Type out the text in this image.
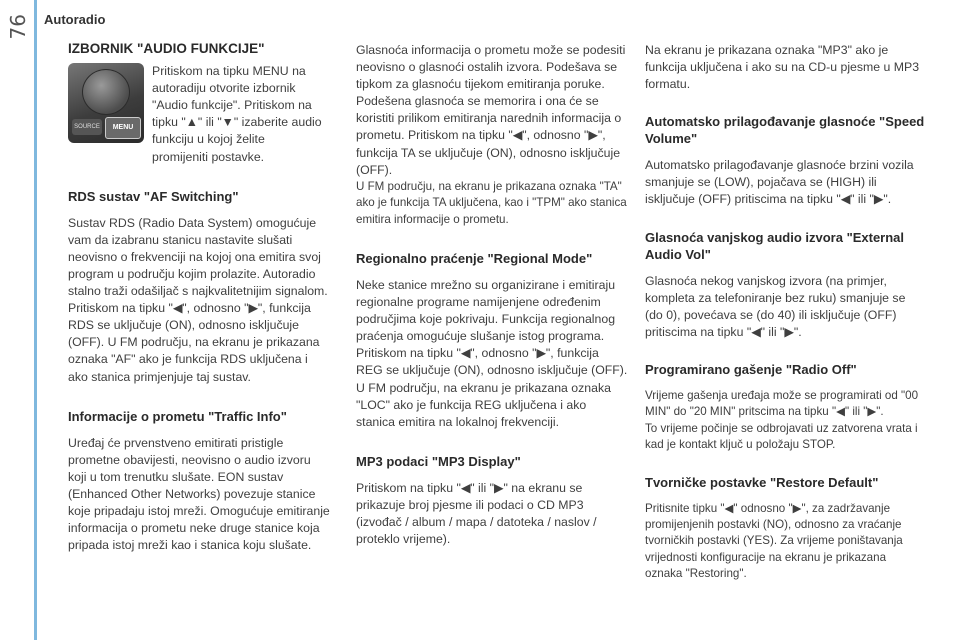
76 Autoradio
IZBORNIK "AUDIO FUNKCIJE"
SOURCE	MENU

Pritiskom na tipku MENU na autoradiju otvorite izbornik "Audio funkcije". Pritiskom na tipku "▲" ili "▼" izaberite audio funkciju u kojoj želite promijeniti postavke.

RDS sustav "AF Switching"

Sustav RDS (Radio Data System) omogućuje vam da izabranu stanicu nastavite slušati neovisno o frekvenciji na kojoj ona emitira svoj program u području kojim prolazite. Autoradio stalno traži odašiljač s najkvalitetnijim signalom. Pritiskom na tipku "◀", odnosno "▶", funkcija RDS se uključuje (ON), odnosno isključuje (OFF). U FM području, na ekranu je prikazana oznaka "AF" ako je funkcija RDS uključena i ako stanica primjenjuje taj sustav.

Informacije o prometu "Traffic Info"

Uređaj će prvenstveno emitirati pristigle prometne obavijesti, neovisno o audio izvoru koji u tom trenutku slušate. EON sustav (Enhanced Other Networks) povezuje stanice koje pripadaju istoj mreži. Omogućuje emitiranje informacija o prometu neke druge stanice koja pripada istoj mreži kao i stanica koju slušate.

Glasnoća informacija o prometu može se podesiti neovisno o glasnoći ostalih izvora. Podešava se tipkom za glasnoću tijekom emitiranja poruke. Podešena glasnoća se memorira i ona će se koristiti prilikom emitiranja narednih informacija o prometu. Pritiskom na tipku "◀", odnosno "▶", funkcija TA se uključuje (ON), odnosno isključuje (OFF).

U FM području, na ekranu je prikazana oznaka "TA" ako je funkcija TA uključena, kao i "TPM" ako stanica emitira informacije o prometu.

Regionalno praćenje "Regional Mode"

Neke stanice mrežno su organizirane i emitiraju regionalne programe namijenjene određenim područjima koje pokrivaju. Funkcija regionalnog praćenja omogućuje slušanje istog programa. Pritiskom na tipku "◀", odnosno "▶", funkcija REG se uključuje (ON), odnosno isključuje (OFF). U FM području, na ekranu je prikazana oznaka "LOC" ako je funkcija REG uključena i ako stanica emitira na lokalnoj frekvenciji.

MP3 podaci "MP3 Display"

Pritiskom na tipku "◀" ili "▶" na ekranu se prikazuje broj pjesme ili podaci o CD MP3 (izvođač / album / mapa / datoteka / naslov / proteklo vrijeme).

Na ekranu je prikazana oznaka "MP3" ako je funkcija uključena i ako su na CD-u pjesme u MP3 formatu.

Automatsko prilagođavanje glasnoće "Speed Volume"

Automatsko prilagođavanje glasnoće brzini vozila smanjuje se (LOW), pojačava se (HIGH) ili isključuje (OFF) pritiscima na tipku "◀" ili "▶".

Glasnoća vanjskog audio izvora "External Audio Vol"

Glasnoća nekog vanjskog izvora (na primjer, kompleta za telefoniranje bez ruku) smanjuje se (do 0), povećava se (do 40) ili isključuje (OFF) pritiscima na tipku "◀" ili "▶".

Programirano gašenje "Radio Off"

Vrijeme gašenja uređaja može se programirati od "00 MIN" do "20 MIN" pritscima na tipku "◀" ili "▶".

To vrijeme počinje se odbrojavati uz zatvorena vrata i kad je kontakt ključ u položaju STOP.

Tvorničke postavke "Restore Default"

Pritisnite tipku "◀" odnosno "▶", za zadržavanje promijenjenih postavki (NO), odnosno za vraćanje tvorničkih postavki (YES). Za vrijeme poništavanja vrijednosti konfiguracije na ekranu je prikazana oznaka "Restoring".
